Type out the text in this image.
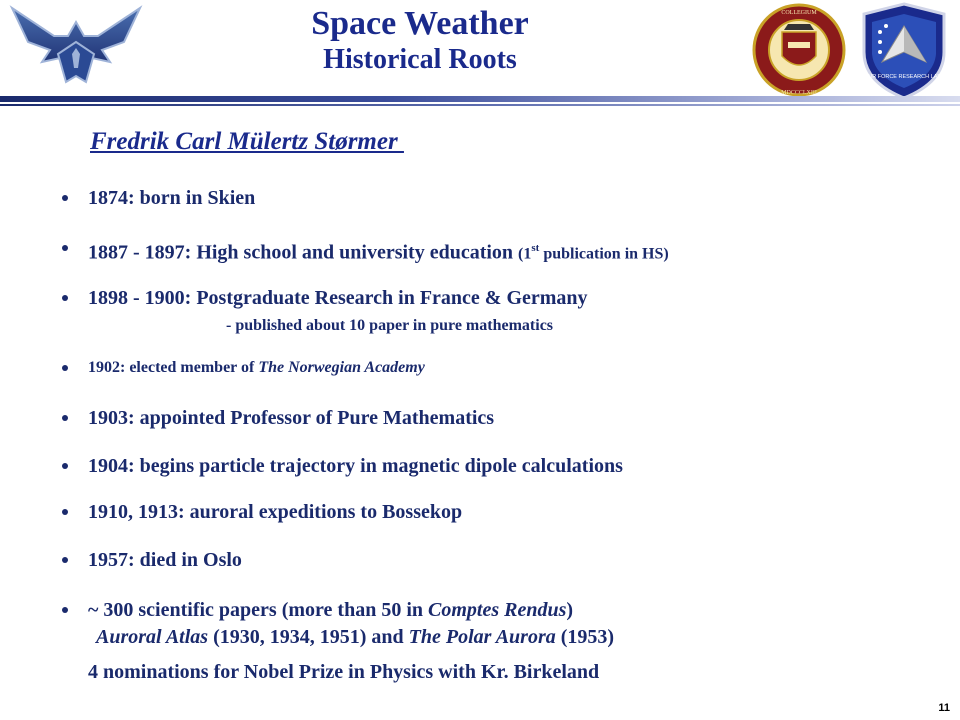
Space Weather
Historical Roots
COLLEGIUM
MDCCCLXIII
AIR FORCE RESEARCH LAB
Fredrik Carl Mülertz Størmer
1874: born in Skien
1887 - 1897: High school and university education (1st publication in HS)
1898 - 1900: Postgraduate Research in France & Germany
- published about 10 paper in pure mathematics
1902: elected member of The Norwegian Academy
1903: appointed Professor of Pure Mathematics
1904: begins particle trajectory in magnetic dipole calculations
1910, 1913: auroral expeditions to Bossekop
1957: died in Oslo
~ 300 scientific papers (more than 50 in Comptes Rendus)
Auroral Atlas (1930, 1934, 1951) and The Polar Aurora (1953)
4 nominations for Nobel Prize in Physics with Kr. Birkeland
11
